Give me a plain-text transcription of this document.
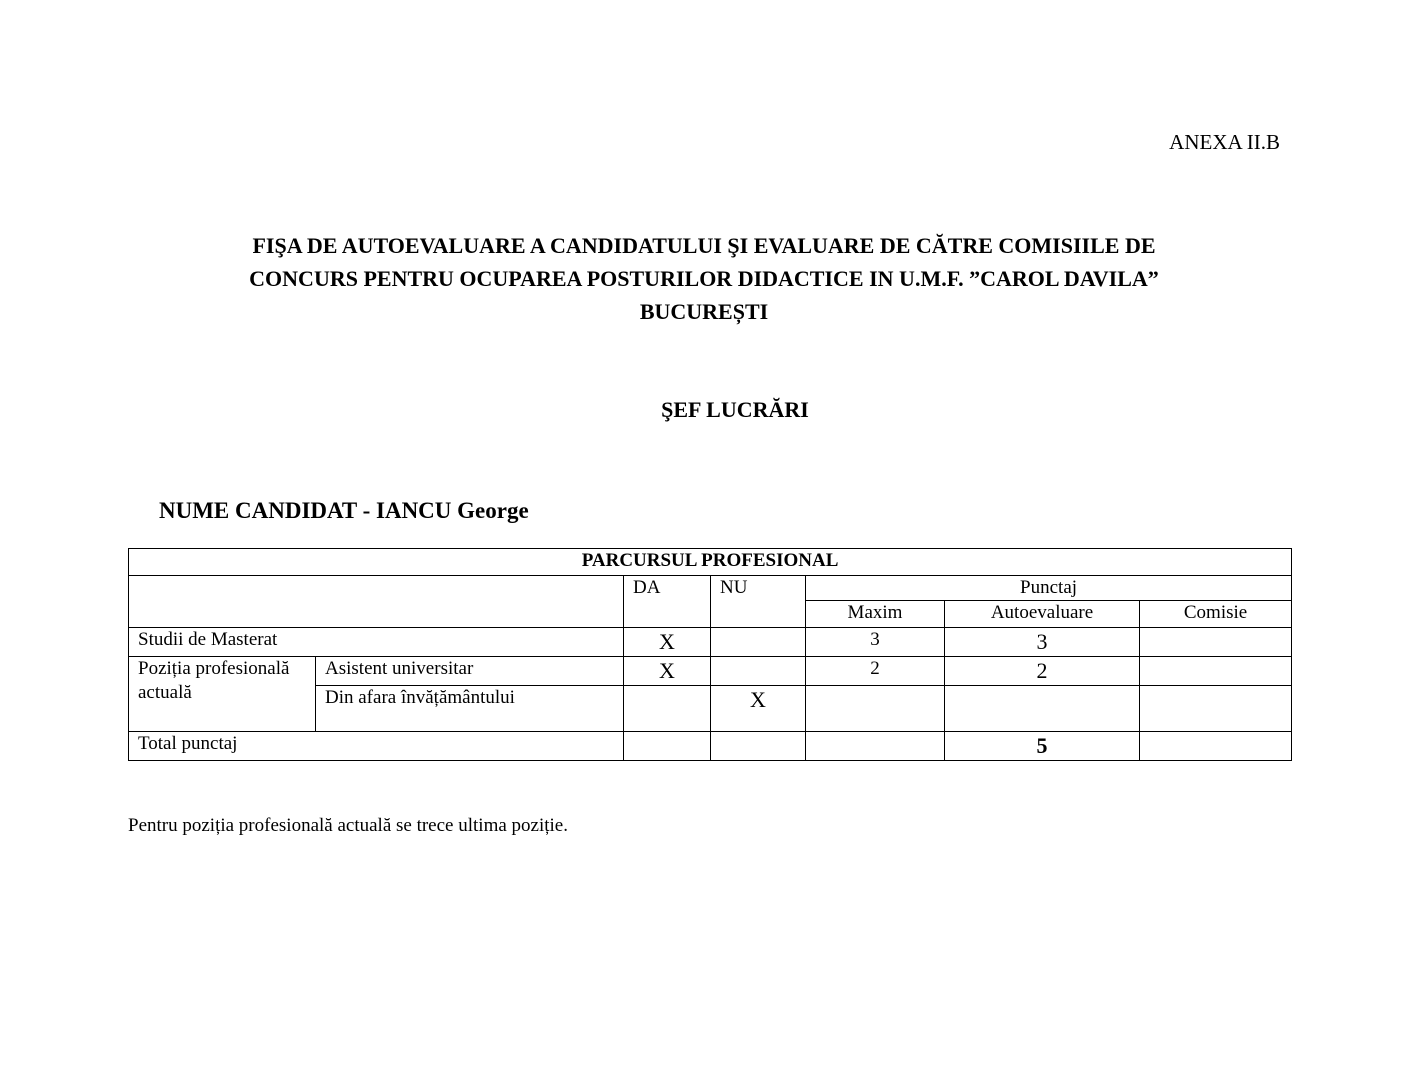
ANEXA II.B
FIŞA DE AUTOEVALUARE A CANDIDATULUI ŞI EVALUARE DE CĂTRE COMISIILE DE
CONCURS PENTRU OCUPAREA POSTURILOR DIDACTICE IN U.M.F. ”CAROL DAVILA”
BUCUREȘTI
ŞEF LUCRĂRI
NUME CANDIDAT - IANCU George
PARCURSUL PROFESIONAL						
		DA	NU	Punctaj		
				Maxim	Autoevaluare	Comisie
Studii de Masterat		X		3	3	
Poziția profesională actuală	Asistent universitar	X		2	2	
	Din afara învățământului		X			
Total punctaj					5	
Pentru poziția profesională actuală se trece ultima poziție.
